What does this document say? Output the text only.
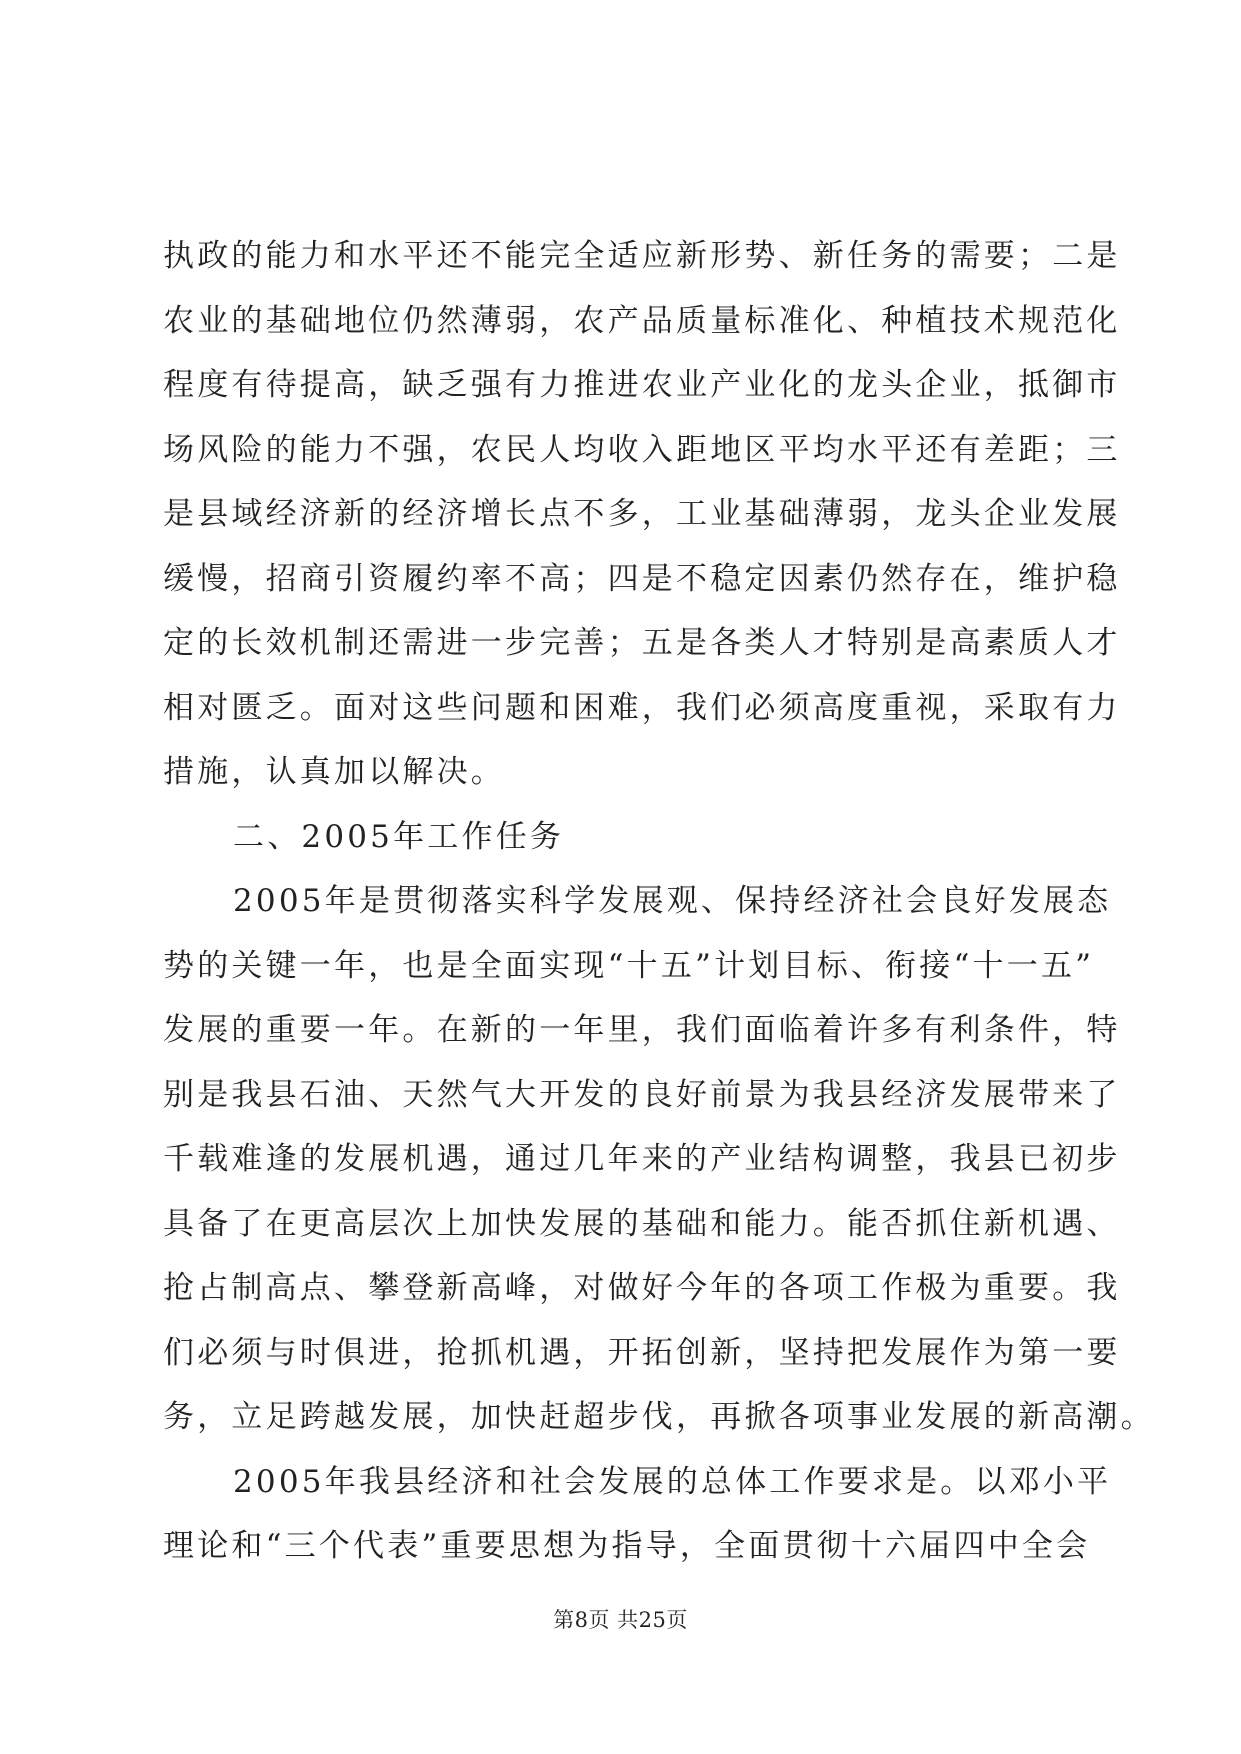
执政的能力和水平还不能完全适应新形势、新任务的需要；二是
农业的基础地位仍然薄弱，农产品质量标准化、种植技术规范化
程度有待提高，缺乏强有力推进农业产业化的龙头企业，抵御市
场风险的能力不强，农民人均收入距地区平均水平还有差距；三
是县域经济新的经济增长点不多，工业基础薄弱，龙头企业发展
缓慢，招商引资履约率不高；四是不稳定因素仍然存在，维护稳
定的长效机制还需进一步完善；五是各类人才特别是高素质人才
相对匮乏。面对这些问题和困难，我们必须高度重视，采取有力
措施，认真加以解决。
二、2005年工作任务
2005年是贯彻落实科学发展观、保持经济社会良好发展态
势的关键一年，也是全面实现“十五”计划目标、衔接“十一五”
发展的重要一年。在新的一年里，我们面临着许多有利条件，特
别是我县石油、天然气大开发的良好前景为我县经济发展带来了
千载难逢的发展机遇，通过几年来的产业结构调整，我县已初步
具备了在更高层次上加快发展的基础和能力。能否抓住新机遇、
抢占制高点、攀登新高峰，对做好今年的各项工作极为重要。我
们必须与时俱进，抢抓机遇，开拓创新，坚持把发展作为第一要
务，立足跨越发展，加快赶超步伐，再掀各项事业发展的新高潮。
2005年我县经济和社会发展的总体工作要求是。以邓小平
理论和“三个代表”重要思想为指导，全面贯彻十六届四中全会
第8页 共25页
